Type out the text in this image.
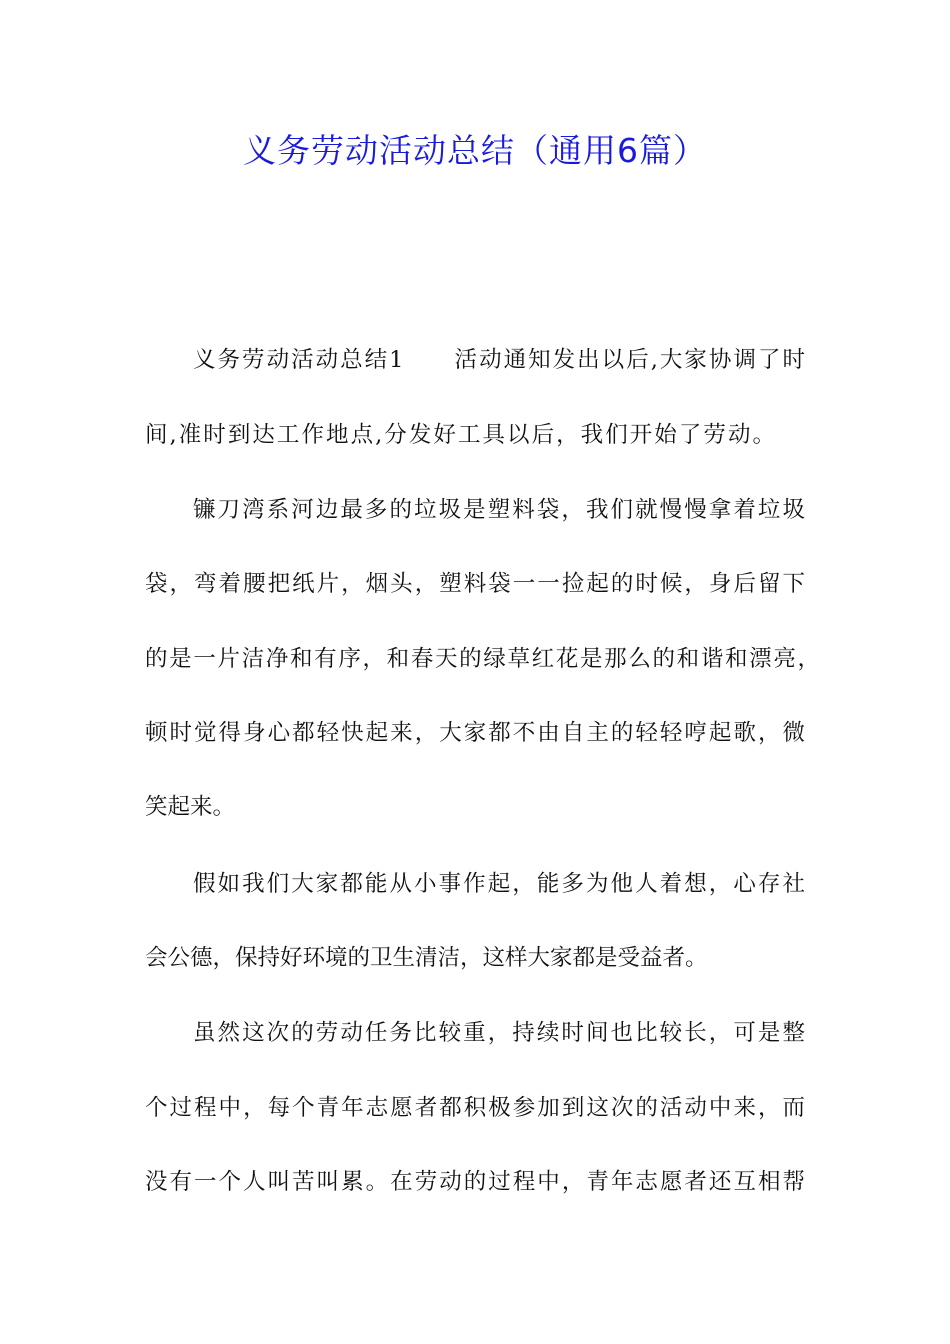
义务劳动活动总结（通用6篇）
义务劳动活动总结1　　活动通知发出以后,大家协调了时
间,准时到达工作地点,分发好工具以后，我们开始了劳动。
镰刀湾系河边最多的垃圾是塑料袋，我们就慢慢拿着垃圾
袋，弯着腰把纸片，烟头，塑料袋一一捡起的时候，身后留下
的是一片洁净和有序，和春天的绿草红花是那么的和谐和漂亮，
顿时觉得身心都轻快起来，大家都不由自主的轻轻哼起歌，微
笑起来。
假如我们大家都能从小事作起，能多为他人着想，心存社
会公德，保持好环境的卫生清洁，这样大家都是受益者。
虽然这次的劳动任务比较重，持续时间也比较长，可是整
个过程中，每个青年志愿者都积极参加到这次的活动中来，而
没有一个人叫苦叫累。在劳动的过程中，青年志愿者还互相帮
